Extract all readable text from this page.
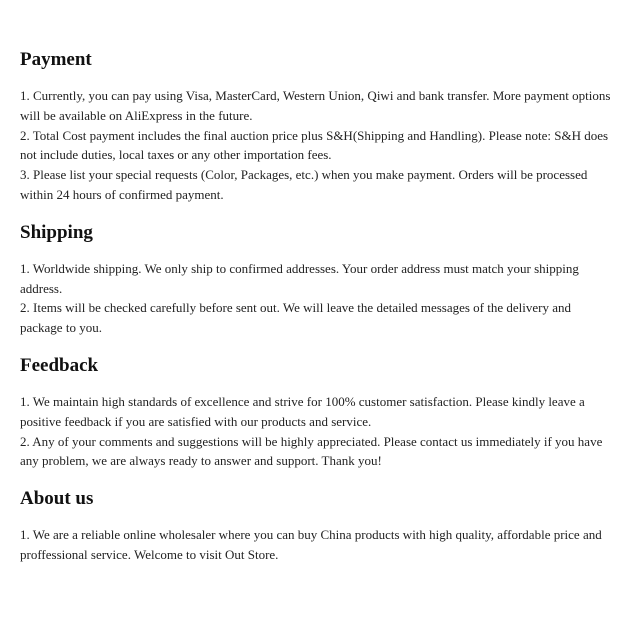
Payment

1. Currently, you can pay using Visa, MasterCard, Western Union, Qiwi and bank transfer. More payment options will be available on AliExpress in the future.

2. Total Cost payment includes the final auction price plus S&H(Shipping and Handling). Please note: S&H does not include duties, local taxes or any other importation fees.

3. Please list your special requests (Color, Packages, etc.) when you make payment. Orders will be processed within 24 hours of confirmed payment.

Shipping

1. Worldwide shipping. We only ship to confirmed addresses. Your order address must match your shipping address.

2. Items will be checked carefully before sent out. We will leave the detailed messages of the delivery and package to you.

Feedback

1. We maintain high standards of excellence and strive for 100% customer satisfaction. Please kindly leave a positive feedback if you are satisfied with our products and service.

2. Any of your comments and suggestions will be highly appreciated. Please contact us immediately if you have any problem, we are always ready to answer and support. Thank you!

About us

1. We are a reliable online wholesaler where you can buy China products with high quality, affordable price and proffessional service. Welcome to visit Out Store.
